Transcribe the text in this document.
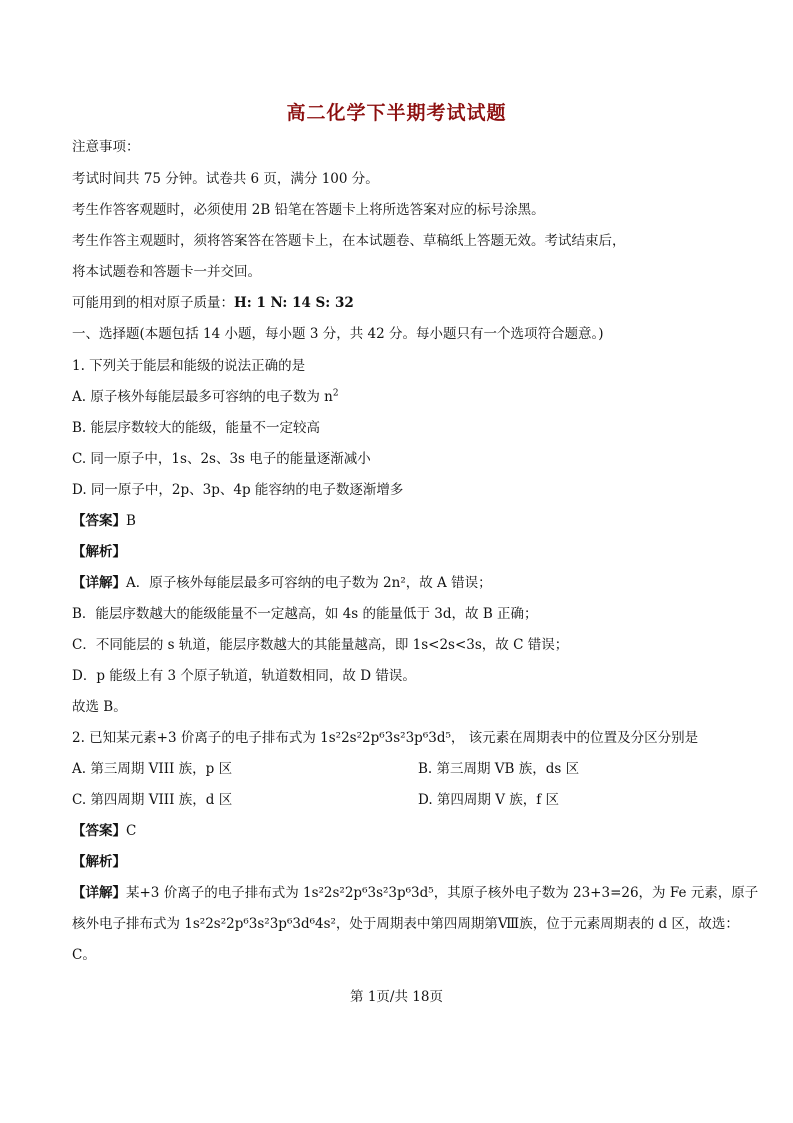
高二化学下半期考试试题
注意事项：
考试时间共 75 分钟。试卷共 6 页，满分 100 分。
考生作答客观题时，必须使用 2B 铅笔在答题卡上将所选答案对应的标号涂黑。
考生作答主观题时，须将答案答在答题卡上，在本试题卷、草稿纸上答题无效。考试结束后，
将本试题卷和答题卡一并交回。
可能用到的相对原子质量：H: 1 N: 14 S: 32
一、选择题(本题包括 14 小题，每小题 3 分，共 42 分。每小题只有一个选项符合题意。)
1. 下列关于能层和能级的说法正确的是
A. 原子核外每能层最多可容纳的电子数为 $n^2$
B. 能层序数较大的能级，能量不一定较高
C. 同一原子中，1s、2s、3s 电子的能量逐渐减小
D. 同一原子中，2p、3p、4p 能容纳的电子数逐渐增多
【答案】B
【解析】
【详解】A．原子核外每能层最多可容纳的电子数为 2n²，故 A 错误；
B．能层序数越大的能级能量不一定越高，如 4s 的能量低于 3d，故 B 正确；
C．不同能层的 s 轨道，能层序数越大的其能量越高，即 1s<2s<3s，故 C 错误；
D．p 能级上有 3 个原子轨道，轨道数相同，故 D 错误。
故选 B。
2. 已知某元素+3 价离子的电子排布式为 1s²2s²2p⁶3s²3p⁶3d⁵， 该元素在周期表中的位置及分区分别是
A. 第三周期 VIII 族，p 区	B. 第三周期 VB 族，ds 区
C. 第四周期 VIII 族，d 区	D. 第四周期 V 族，f 区
【答案】C
【解析】
【详解】某+3 价离子的电子排布式为 1s²2s²2p⁶3s²3p⁶3d⁵，其原子核外电子数为 23+3=26，为 Fe 元素，原子
核外电子排布式为 1s²2s²2p⁶3s²3p⁶3d⁶4s²，处于周期表中第四周期第Ⅷ族，位于元素周期表的 d 区，故选：
C。
第 1页/共 18页
